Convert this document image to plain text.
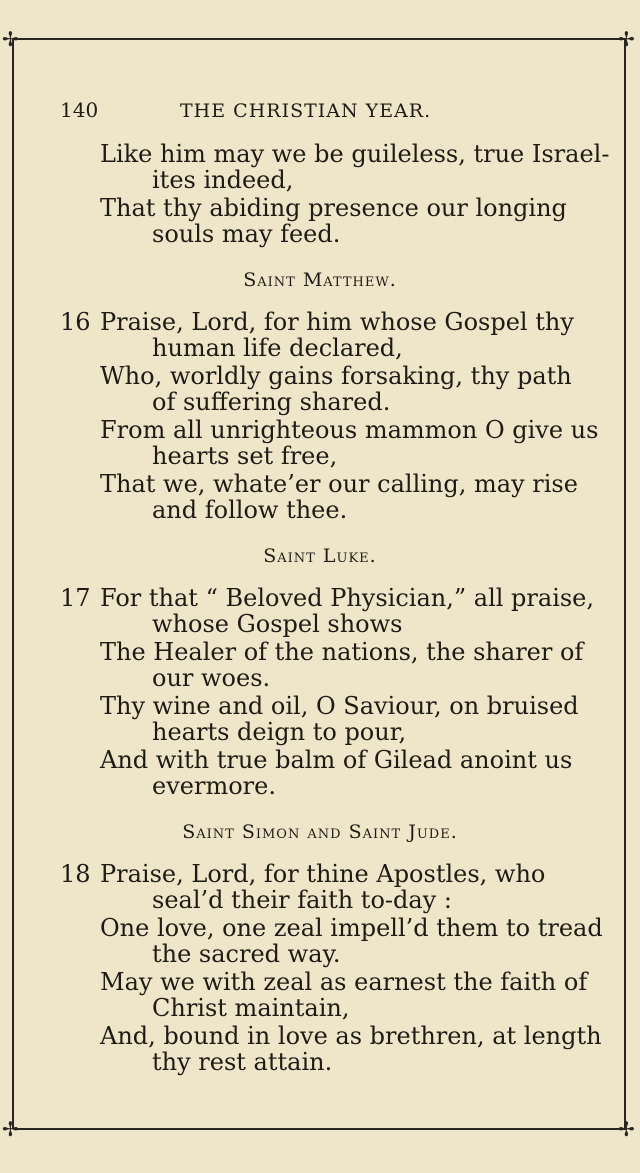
✢	✢
✢	✢
140	THE CHRISTIAN YEAR.
Like him may we be guileless, true Israel-
ites indeed,
That thy abiding presence our longing
souls may feed.
Saint Matthew.
16 Praise, Lord, for him whose Gospel thy
human life declared,
Who, worldly gains forsaking, thy path
of suffering shared.
From all unrighteous mammon O give us
hearts set free,
That we, whate’er our calling, may rise
and follow thee.
Saint Luke.
17 For that “ Beloved Physician,” all praise,
whose Gospel shows
The Healer of the nations, the sharer of
our woes.
Thy wine and oil, O Saviour, on bruised
hearts deign to pour,
And with true balm of Gilead anoint us
evermore.
Saint Simon and Saint Jude.
18 Praise, Lord, for thine Apostles, who
seal’d their faith to-day :
One love, one zeal impell’d them to tread
the sacred way.
May we with zeal as earnest the faith of
Christ maintain,
And, bound in love as brethren, at length
thy rest attain.
